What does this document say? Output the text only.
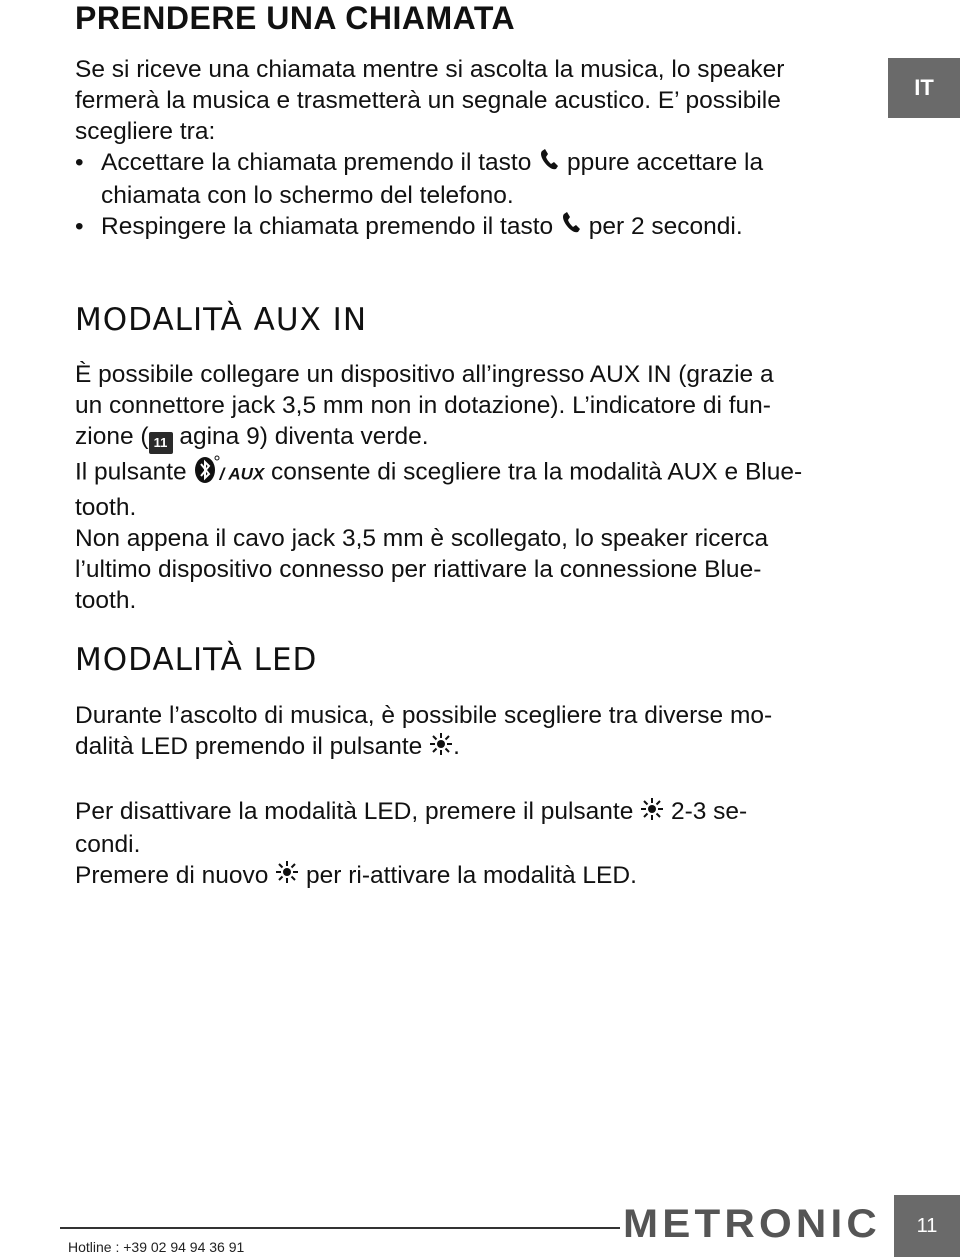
IT
PRENDERE UNA CHIAMATA

Se si riceve una chiamata mentre si ascolta la musica, lo speaker

fermerà la musica e trasmetterà un segnale acustico. E’ possibile

scegliere tra:

• Accettare la chiamata premendo il tasto ppure accettare la
chiamata con lo schermo del telefono.

• Respingere la chiamata premendo il tasto per 2 secondi.

MODALITÀ AUX IN

È possibile collegare un dispositivo all’ingresso AUX IN (grazie a

un connettore jack 3,5 mm non in dotazione). L’indicatore di fun-

zione ( 11 agina 9) diventa verde.

Il pulsante / AUX consente di scegliere tra la modalità AUX e Blue-

tooth.

Non appena il cavo jack 3,5 mm è scollegato, lo speaker ricerca

l’ultimo dispositivo connesso per riattivare la connessione Blue-

tooth.

MODALITÀ LED

Durante l’ascolto di musica, è possibile scegliere tra diverse mo-

dalità LED premendo il pulsante .

Per disattivare la modalità LED, premere il pulsante 2-3 se-

condi.

Premere di nuovo per ri-attivare la modalità LED.

Hotline : +39 02 94 94 36 91
METRONIC	11
